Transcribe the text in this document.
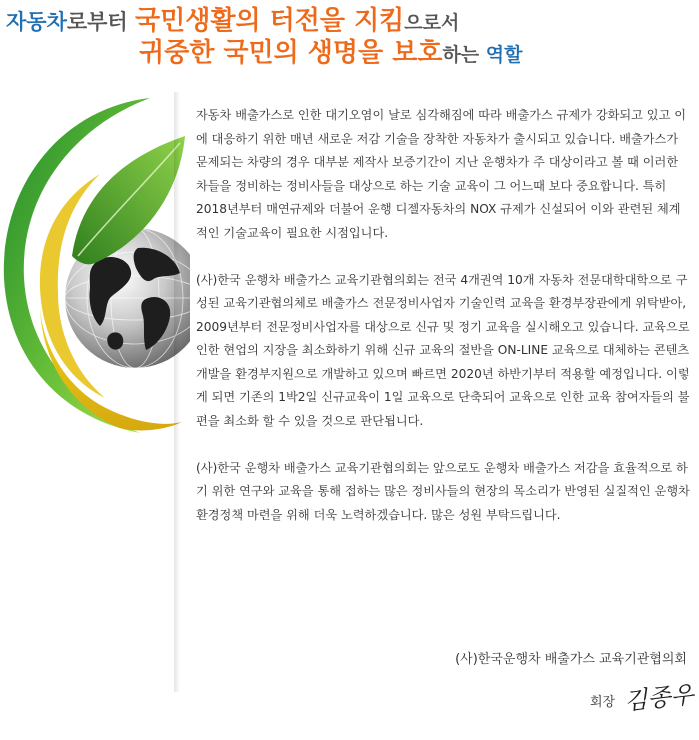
자동차로부터 국민생활의 터전을 지킴으로서
귀중한 국민의 생명을 보호하는 역할

자동차 배출가스로 인한 대기오염이 날로 심각해짐에 따라 배출가스 규제가 강화되고 있고 이에 대응하기 위한 매년 새로운 저감 기술을 장착한 자동차가 출시되고 있습니다. 배출가스가 문제되는 차량의 경우 대부분 제작사 보증기간이 지난 운행차가 주 대상이라고 볼 때 이러한 차들을 정비하는 정비사들을 대상으로 하는 기술 교육이 그 어느때 보다 중요합니다. 특히 2018년부터 매연규제와 더불어 운행 디젤자동차의 NOX 규제가 신설되어 이와 관련된 체계적인 기술교육이 필요한 시점입니다.

(사)한국 운행차 배출가스 교육기관협의회는 전국 4개권역 10개 자동차 전문대학대학으로 구성된 교육기관협의체로 배출가스 전문정비사업자 기술인력 교육을 환경부장관에게 위탁받아, 2009년부터 전문정비사업자를 대상으로 신규 및 정기 교육을 실시해오고 있습니다. 교육으로 인한 현업의 지장을 최소화하기 위해 신규 교육의 절반을 ON-LINE 교육으로 대체하는 콘텐츠 개발을 환경부지원으로 개발하고 있으며 빠르면 2020년 하반기부터 적용할 예정입니다. 이렇게 되면 기존의 1박2일 신규교육이 1일 교육으로 단축되어 교육으로 인한 교육 참여자들의 불편을 최소화 할 수 있을 것으로 판단됩니다.

(사)한국 운행차 배출가스 교육기관협의회는 앞으로도 운행차 배출가스 저감을 효율적으로 하기 위한 연구와 교육을 통해 접하는 많은 정비사들의 현장의 목소리가 반영된 실질적인 운행차 환경정책 마련을 위해 더욱 노력하겠습니다. 많은 성원 부탁드립니다.

(사)한국운행차 배출가스 교육기관협의회
회장 김종우
